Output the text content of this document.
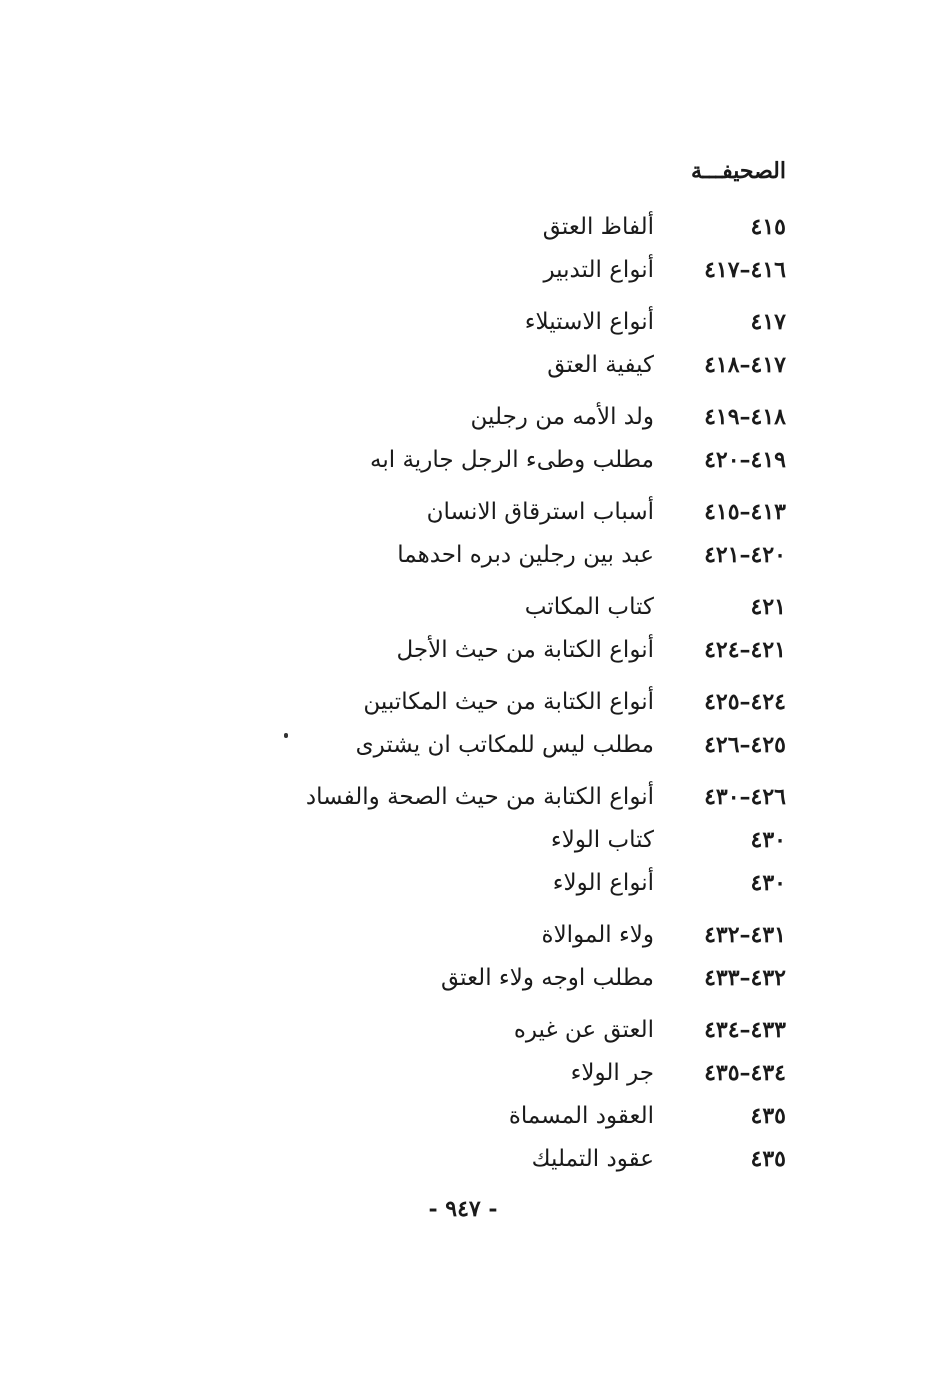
الصحيفـــة
٤١٥
ألفاظ العتق
٤١٦–٤١٧
أنواع التدبير
٤١٧
أنواع الاستيلاء
٤١٧–٤١٨
كيفية العتق
٤١٨–٤١٩
ولد الأمه من رجلين
٤١٩–٤٢٠
مطلب وطىء الرجل جارية ابه
٤١٣–٤١٥
أسباب استرقاق الانسان
٤٢٠–٤٢١
عبد بين رجلين دبره احدهما
٤٢١
كتاب المكاتب
٤٢١–٤٢٤
أنواع الكتابة من حيث الأجل
٤٢٤–٤٢٥
أنواع الكتابة من حيث المكاتبين
٤٢٥–٤٢٦
مطلب ليس للمكاتب ان يشترى
٤٢٦–٤٣٠
أنواع الكتابة من حيث الصحة والفساد
٤٣٠
كتاب الولاء
٤٣٠
أنواع الولاء
٤٣١–٤٣٢
ولاء الموالاة
٤٣٢–٤٣٣
مطلب اوجه ولاء العتق
٤٣٣–٤٣٤
العتق عن غيره
٤٣٤–٤٣٥
جر الولاء
٤٣٥
العقود المسماة
٤٣٥
عقود التمليك
- ٩٤٧ -
